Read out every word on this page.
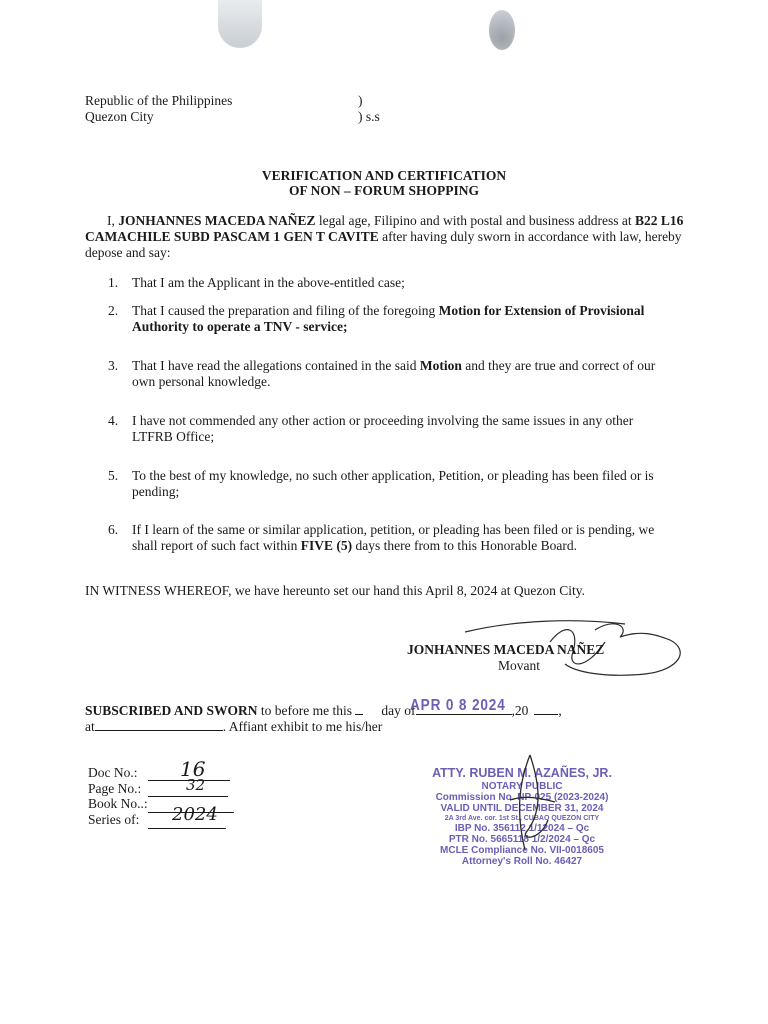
Republic of the Philippines
Quezon City
)
) s.s
VERIFICATION AND CERTIFICATION
OF NON – FORUM SHOPPING
I, JONHANNES MACEDA NAÑEZ legal age, Filipino and with postal and business address at B22 L16 CAMACHILE SUBD PASCAM 1 GEN T CAVITE after having duly sworn in accordance with law, hereby depose and say:
1. That I am the Applicant in the above-entitled case;
2. That I caused the preparation and filing of the foregoing Motion for Extension of Provisional Authority to operate a TNV - service;
3. That I have read the allegations contained in the said Motion and they are true and correct of our own personal knowledge.
4. I have not commended any other action or proceeding involving the same issues in any other LTFRB Office;
5. To the best of my knowledge, no such other application, Petition, or pleading has been filed or is pending;
6. If I learn of the same or similar application, petition, or pleading has been filed or is pending, we shall report of such fact within FIVE (5) days there from to this Honorable Board.
IN WITNESS WHEREOF, we have hereunto set our hand this April 8, 2024 at Quezon City.
JONHANNES MACEDA NAÑEZ
Movant
SUBSCRIBED AND SWORN to before me this day of	,20 ,
APR 0 8 2024
at	. Affiant exhibit to me his/her
Doc No.:
Page No.:
Book No..:
Series of:
16
32
2024
ATTY. RUBEN M. AZAÑES, JR.
NOTARY PUBLIC
Commission No. NP-025 (2023-2024)
VALID UNTIL DECEMBER 31, 2024
2A 3rd Ave. cor. 1st St., CUBAO QUEZON CITY
IBP No. 356112 1/12024 – Qc
PTR No. 5665118 1/2/2024 – Qc
MCLE Compliance No. VII-0018605
Attorney's Roll No. 46427
